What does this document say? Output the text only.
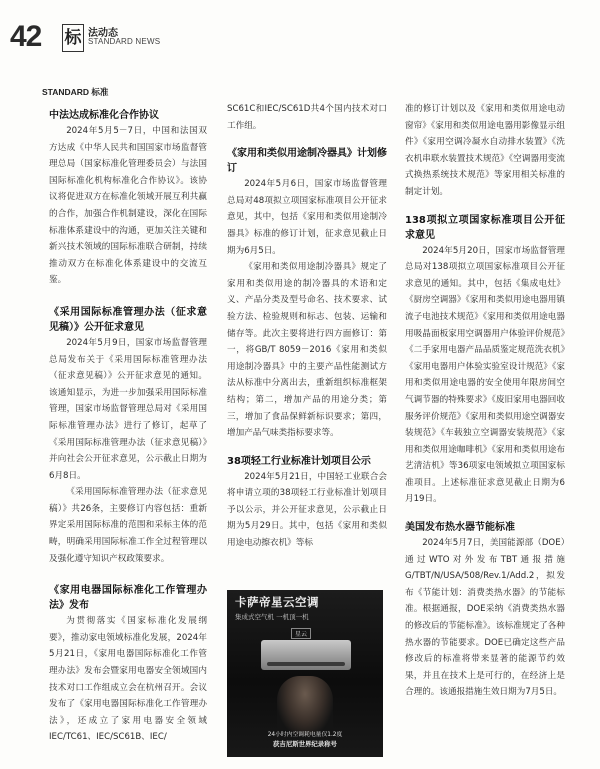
42 标 法动态
STANDARD NEWS
STANDARD 标准
中法达成标准化合作协议

2024年5月5－7日，中国和法国双方达成《中华人民共和国国家市场监督管理总局（国家标准化管理委员会）与法国国际标准化机构标准化合作协议》。该协议将促进双方在标准化领域开展互利共赢的合作，加强合作机制建设，深化在国际标准体系建设中的沟通，更加关注关键和新兴技术领域的国际标准联合研制，持续推动双方在标准化体系建设中的交流互鉴。

《采用国际标准管理办法（征求意见稿）》公开征求意见

2024年5月9日，国家市场监督管理总局发布关于《采用国际标准管理办法（征求意见稿）》公开征求意见的通知。该通知显示，为进一步加强采用国际标准管理，国家市场监督管理总局对《采用国际标准管理办法》进行了修订，起草了《采用国际标准管理办法（征求意见稿）》并向社会公开征求意见，公示截止日期为6月8日。

《采用国际标准管理办法（征求意见稿）》共26条，主要修订内容包括：重新界定采用国际标准的范围和采标主体的范畴，明确采用国际标准工作全过程管理以及强化遵守知识产权政策要求。

《家用电器国际标准化工作管理办法》发布

为贯彻落实《国家标准化发展纲要》，推动家电领域标准化发展，2024年5月21日，《家用电器国际标准化工作管理办法》发布会暨家用电器安全领域国内技术对口工作组成立会在杭州召开。会议发布了《家用电器国际标准化工作管理办法》，还成立了家用电器安全领域IEC/TC61、IEC/SC61B、IEC/

SC61C和IEC/SC61D共4个国内技术对口工作组。

《家用和类似用途制冷器具》计划修订

2024年5月6日，国家市场监督管理总局对48项拟立项国家标准项目公开征求意见，其中，包括《家用和类似用途制冷器具》标准的修订计划，征求意见截止日期为6月5日。

《家用和类似用途制冷器具》规定了家用和类似用途的制冷器具的术语和定义、产品分类及型号命名、技术要求、试验方法、检验规则和标志、包装、运输和储存等。此次主要将进行四方面修订：第一，将GB/T 8059－2016《家用和类似用途制冷器具》中的主要产品性能测试方法从标准中分离出去，重新组织标准框架结构；第二，增加产品的用途分类；第三，增加了食品保鲜新标识要求；第四，增加产品气味类指标要求等。

38项轻工行业标准计划项目公示

2024年5月21日，中国轻工业联合会将申请立项的38项轻工行业标准计划项目予以公示，并公开征求意见，公示截止日期为5月29日。其中，包括《家用和类似用途电动擦衣机》等标

准的修订计划以及《家用和类似用途电动窗帘》《家用和类似用途电器用影像显示组件》《家用空调冷凝水自动排水装置》《洗衣机串联水装置技术规范》《空调器用变流式换热系统技术规范》等家用相关标准的制定计划。

138项拟立项国家标准项目公开征求意见

2024年5月20日，国家市场监督管理总局对138项拟立项国家标准项目公开征求意见的通知。其中，包括《集成电灶》《厨房空调器》《家用和类似用途电器用镇流子电池技术规范》《家用和类似用途电器用吸晶面板家用空调器用户体验评价规范》《二手家用电器产品品质鉴定规范洗衣机》《家用电器用户体验实验室设计规范》《家用和类似用途电器的安全使用年限房间空气调节器的特殊要求》《废旧家用电器回收服务评价规范》《家用和类似用途空调器安装规范》《车载独立空调器安装规范》《家用和类似用途咖啡机》《家用和类似用途布艺清洁机》等36项家电领域拟立项国家标准项目。上述标准征求意见截止日期为6月19日。

美国发布热水器节能标准

2024年5月7日，美国能源部（DOE）通过WTO对外发布TBT通报措施G/TBT/N/USA/508/Rev.1/Add.2，拟发布《节能计划：消费类热水器》的节能标准。根据通报，DOE采纳《消费类热水器的修改后的节能标准》。该标准规定了各种热水器的节能要求。DOE已确定这些产品修改后的标准将带来显著的能源节约效果，并且在技术上是可行的，在经济上是合理的。该通报措施生效日期为7月5日。

卡萨帝星云空调
集成式空气机 一机顶一机
星云
24小时内空调耗电量仅1.2度
获吉尼斯世界纪录称号
